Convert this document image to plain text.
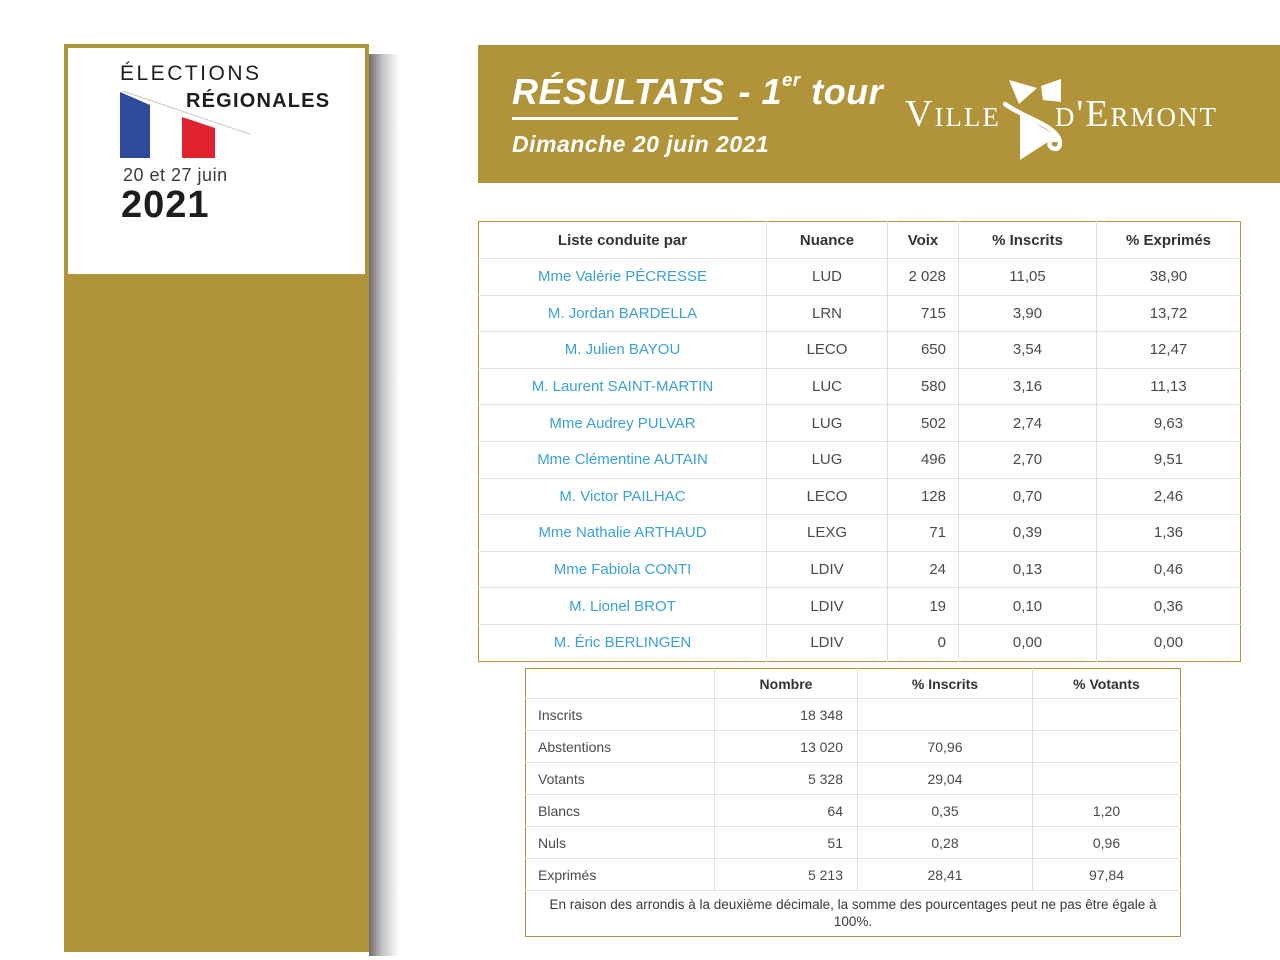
ÉLECTIONS
RÉGIONALES
20 et 27 juin
2021
RÉSULTATS - 1er tour
Dimanche 20 juin 2021
Ville d'Ermont
Liste conduite par	Nuance	Voix	% Inscrits	% Exprimés
Mme Valérie PÉCRESSE	LUD	2 028	11,05	38,90
M. Jordan BARDELLA	LRN	715	3,90	13,72
M. Julien BAYOU	LECO	650	3,54	12,47
M. Laurent SAINT-MARTIN	LUC	580	3,16	11,13
Mme Audrey PULVAR	LUG	502	2,74	9,63
Mme Clémentine AUTAIN	LUG	496	2,70	9,51
M. Victor PAILHAC	LECO	128	0,70	2,46
Mme Nathalie ARTHAUD	LEXG	71	0,39	1,36
Mme Fabiola CONTI	LDIV	24	0,13	0,46
M. Lionel BROT	LDIV	19	0,10	0,36
M. Éric BERLINGEN	LDIV	0	0,00	0,00
	Nombre	% Inscrits	% Votants
Inscrits	18 348		
Abstentions	13 020	70,96	
Votants	5 328	29,04	
Blancs	64	0,35	1,20
Nuls	51	0,28	0,96
Exprimés	5 213	28,41	97,84
En raison des arrondis à la deuxième décimale, la somme des pourcentages peut ne pas être égale à 100%.			
